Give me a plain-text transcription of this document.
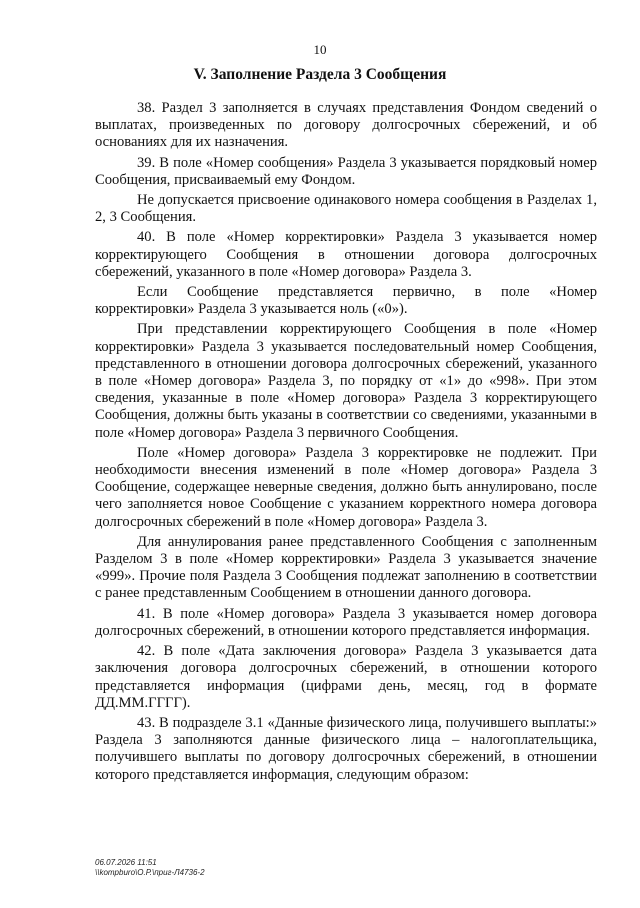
10
V. Заполнение Раздела 3 Сообщения

38. Раздел 3 заполняется в случаях представления Фондом сведений о выплатах, произведенных по договору долгосрочных сбережений, и об основаниях для их назначения.

39. В поле «Номер сообщения» Раздела 3 указывается порядковый номер Сообщения, присваиваемый ему Фондом.

Не допускается присвоение одинакового номера сообщения в Разделах 1, 2, 3 Сообщения.

40. В поле «Номер корректировки» Раздела 3 указывается номер корректирующего Сообщения в отношении договора долгосрочных сбережений, указанного в поле «Номер договора» Раздела 3.

Если Сообщение представляется первично, в поле «Номер корректировки» Раздела 3 указывается ноль («0»).

При представлении корректирующего Сообщения в поле «Номер корректировки» Раздела 3 указывается последовательный номер Сообщения, представленного в отношении договора долгосрочных сбережений, указанного в поле «Номер договора» Раздела 3, по порядку от «1» до «998». При этом сведения, указанные в поле «Номер договора» Раздела 3 корректирующего Сообщения, должны быть указаны в соответствии со сведениями, указанными в поле «Номер договора» Раздела 3 первичного Сообщения.

Поле «Номер договора» Раздела 3 корректировке не подлежит. При необходимости внесения изменений в поле «Номер договора» Раздела 3 Сообщение, содержащее неверные сведения, должно быть аннулировано, после чего заполняется новое Сообщение с указанием корректного номера договора долгосрочных сбережений в поле «Номер договора» Раздела 3.

Для аннулирования ранее представленного Сообщения с заполненным Разделом 3 в поле «Номер корректировки» Раздела 3 указывается значение «999». Прочие поля Раздела 3 Сообщения подлежат заполнению в соответствии с ранее представленным Сообщением в отношении данного договора.

41. В поле «Номер договора» Раздела 3 указывается номер договора долгосрочных сбережений, в отношении которого представляется информация.

42. В поле «Дата заключения договора» Раздела 3 указывается дата заключения договора долгосрочных сбережений, в отношении которого представляется информация (цифрами день, месяц, год в формате ДД.ММ.ГГГГ).

43. В подразделе 3.1 «Данные физического лица, получившего выплаты:» Раздела 3 заполняются данные физического лица – налогоплательщика, получившего выплаты по договору долгосрочных сбережений, в отношении которого представляется информация, следующим образом:

06.07.2026 11:51
\\kompburo\О.Р.\приг-Л4736-2
